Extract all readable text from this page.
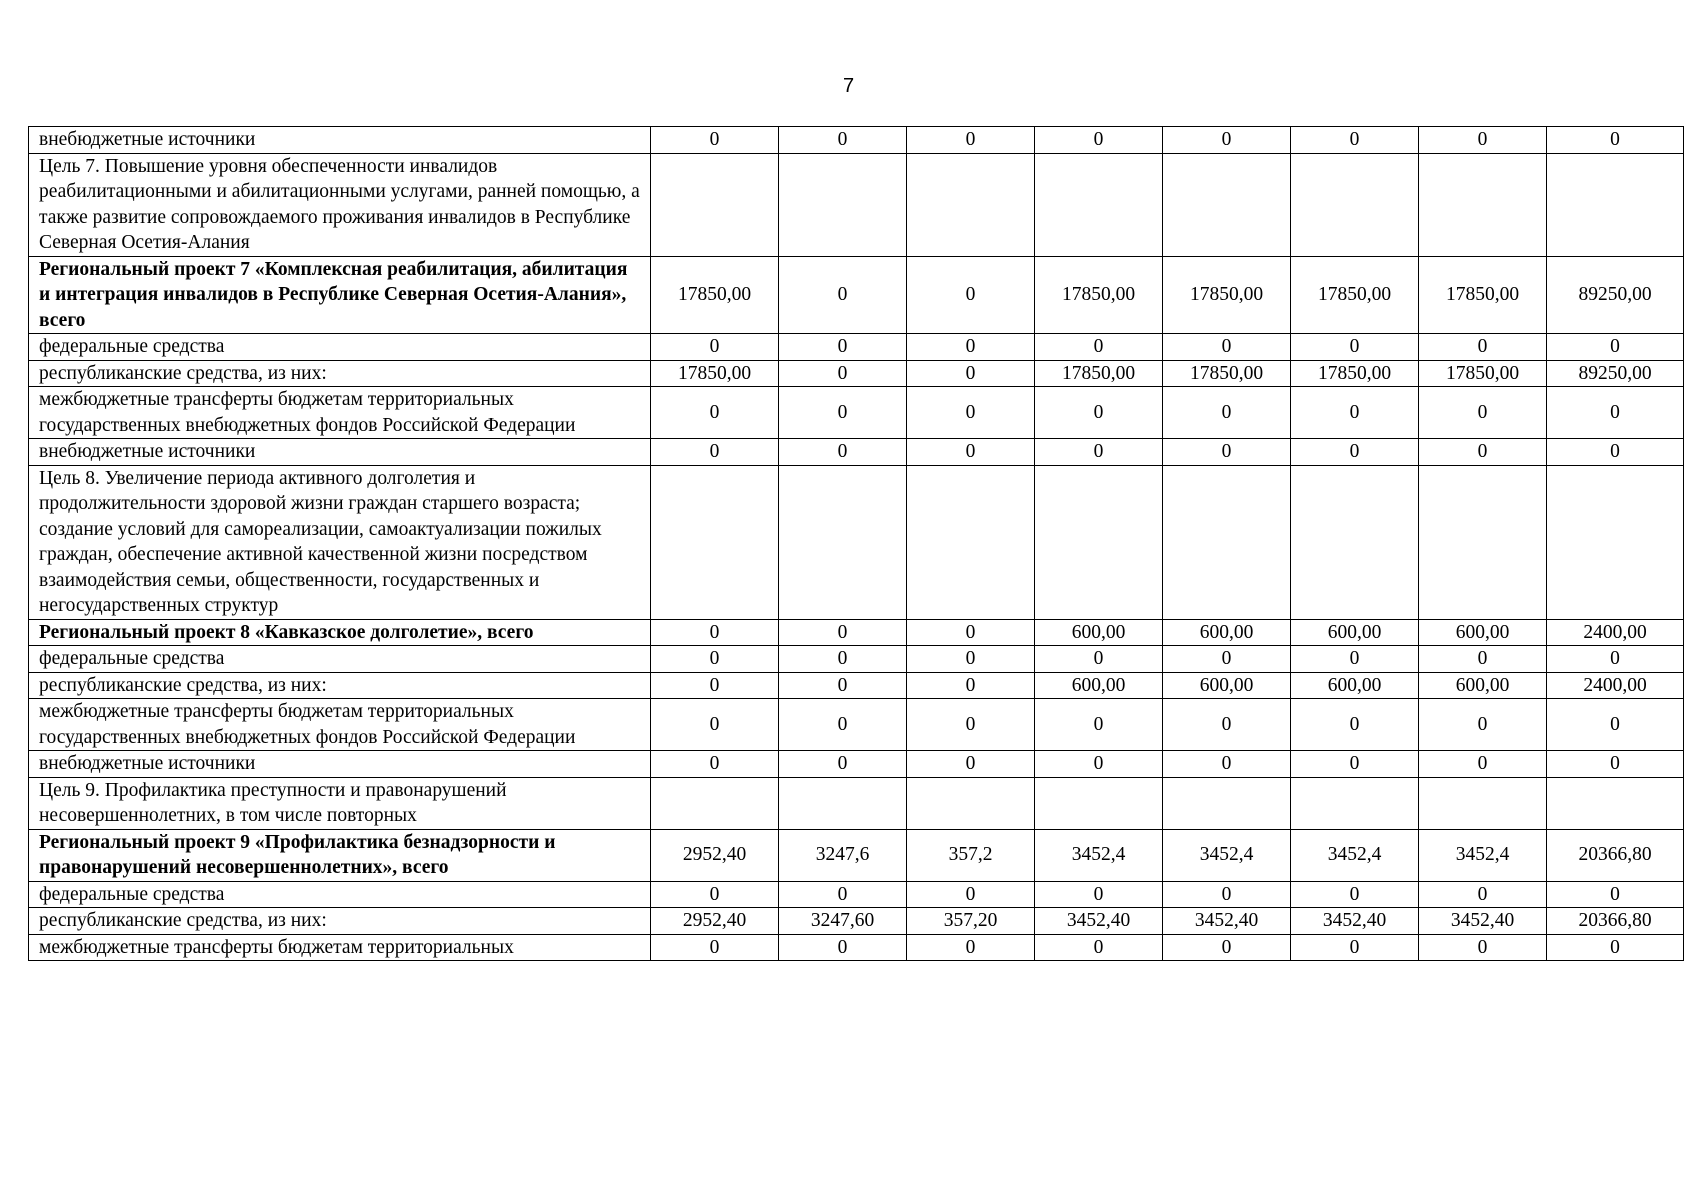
7
внебюджетные источники	0	0	0	0	0	0	0	0
Цель 7. Повышение уровня обеспеченности инвалидов реабилитационными и абилитационными услугами, ранней помощью, а также развитие сопровождаемого проживания инвалидов в Республике Северная Осетия-Алания								
Региональный проект 7 «Комплексная реабилитация, абилитация и интеграция инвалидов в Республике Северная Осетия-Алания», всего	17850,00	0	0	17850,00	17850,00	17850,00	17850,00	89250,00
федеральные средства	0	0	0	0	0	0	0	0
республиканские средства, из них:	17850,00	0	0	17850,00	17850,00	17850,00	17850,00	89250,00
межбюджетные трансферты бюджетам территориальных государственных внебюджетных фондов Российской Федерации	0	0	0	0	0	0	0	0
внебюджетные источники	0	0	0	0	0	0	0	0
Цель 8. Увеличение периода активного долголетия и продолжительности здоровой жизни граждан старшего возраста; создание условий для самореализации, самоактуализации пожилых граждан, обеспечение активной качественной жизни посредством взаимодействия семьи, общественности, государственных и негосударственных структур								
Региональный проект 8 «Кавказское долголетие», всего	0	0	0	600,00	600,00	600,00	600,00	2400,00
федеральные средства	0	0	0	0	0	0	0	0
республиканские средства, из них:	0	0	0	600,00	600,00	600,00	600,00	2400,00
межбюджетные трансферты бюджетам территориальных государственных внебюджетных фондов Российской Федерации	0	0	0	0	0	0	0	0
внебюджетные источники	0	0	0	0	0	0	0	0
Цель 9. Профилактика преступности и правонарушений несовершеннолетних, в том числе повторных								
Региональный проект 9 «Профилактика безнадзорности и правонарушений несовершеннолетних», всего	2952,40	3247,6	357,2	3452,4	3452,4	3452,4	3452,4	20366,80
федеральные средства	0	0	0	0	0	0	0	0
республиканские средства, из них:	2952,40	3247,60	357,20	3452,40	3452,40	3452,40	3452,40	20366,80
межбюджетные трансферты бюджетам территориальных	0	0	0	0	0	0	0	0
